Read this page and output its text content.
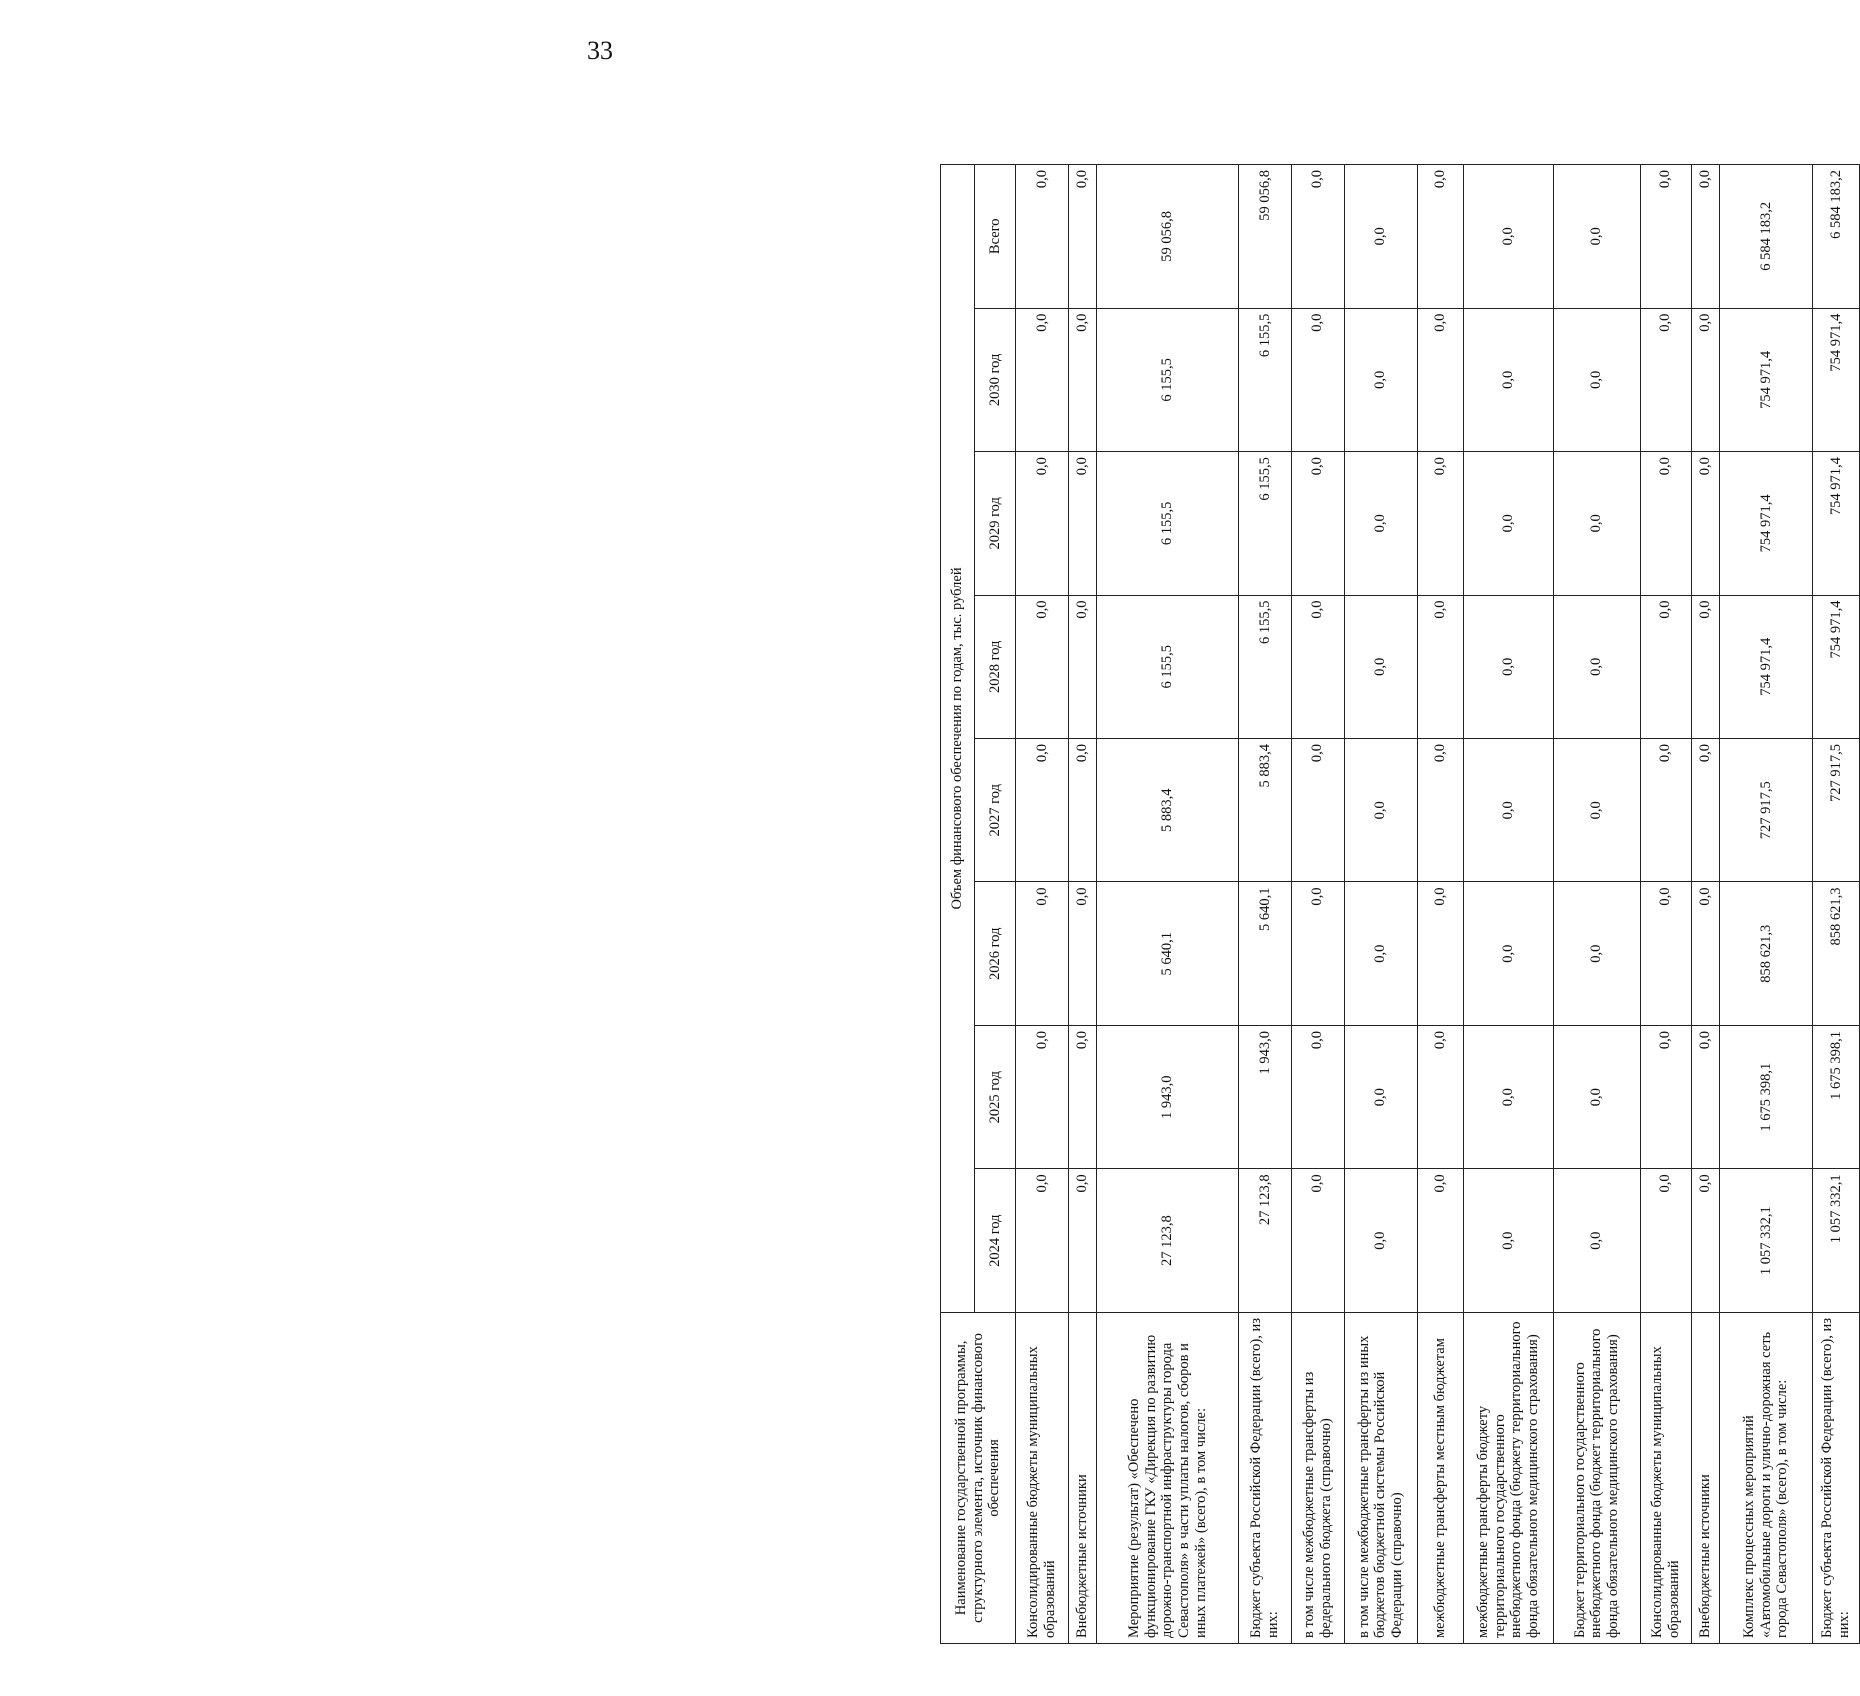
33
Наименование государственной программы, структурного элемента, источник финансового обеспечения	Объем финансового обеспечения по годам, тыс. рублей							
	2024 год	2025 год	2026 год	2027 год	2028 год	2029 год	2030 год	Всего
Консолидированные бюджеты муниципальных образований	0,0	0,0	0,0	0,0	0,0	0,0	0,0	0,0
Внебюджетные источники	0,0	0,0	0,0	0,0	0,0	0,0	0,0	0,0
Мероприятие (результат) «Обеспечено функционирование ГКУ «Дирекция по развитию дорожно-транспортной инфраструктуры города Севастополя» в части уплаты налогов, сборов и иных платежей» (всего), в том числе:	27 123,8	1 943,0	5 640,1	5 883,4	6 155,5	6 155,5	6 155,5	59 056,8
Бюджет субъекта Российской Федерации (всего), из них:	27 123,8	1 943,0	5 640,1	5 883,4	6 155,5	6 155,5	6 155,5	59 056,8
в том числе межбюджетные трансферты из федерального бюджета (справочно)	0,0	0,0	0,0	0,0	0,0	0,0	0,0	0,0
в том числе межбюджетные трансферты из иных бюджетов бюджетной системы Российской Федерации (справочно)	0,0	0,0	0,0	0,0	0,0	0,0	0,0	0,0
межбюджетные трансферты местным бюджетам	0,0	0,0	0,0	0,0	0,0	0,0	0,0	0,0
межбюджетные трансферты бюджету территориального государственного внебюджетного фонда (бюджету территориального фонда обязательного медицинского страхования)	0,0	0,0	0,0	0,0	0,0	0,0	0,0	0,0
Бюджет территориального государственного внебюджетного фонда (бюджет территориального фонда обязательного медицинского страхования)	0,0	0,0	0,0	0,0	0,0	0,0	0,0	0,0
Консолидированные бюджеты муниципальных образований	0,0	0,0	0,0	0,0	0,0	0,0	0,0	0,0
Внебюджетные источники	0,0	0,0	0,0	0,0	0,0	0,0	0,0	0,0
Комплекс процессных мероприятий «Автомобильные дороги и улично-дорожная сеть города Севастополя» (всего), в том числе:	1 057 332,1	1 675 398,1	858 621,3	727 917,5	754 971,4	754 971,4	754 971,4	6 584 183,2
Бюджет субъекта Российской Федерации (всего), из них:	1 057 332,1	1 675 398,1	858 621,3	727 917,5	754 971,4	754 971,4	754 971,4	6 584 183,2
